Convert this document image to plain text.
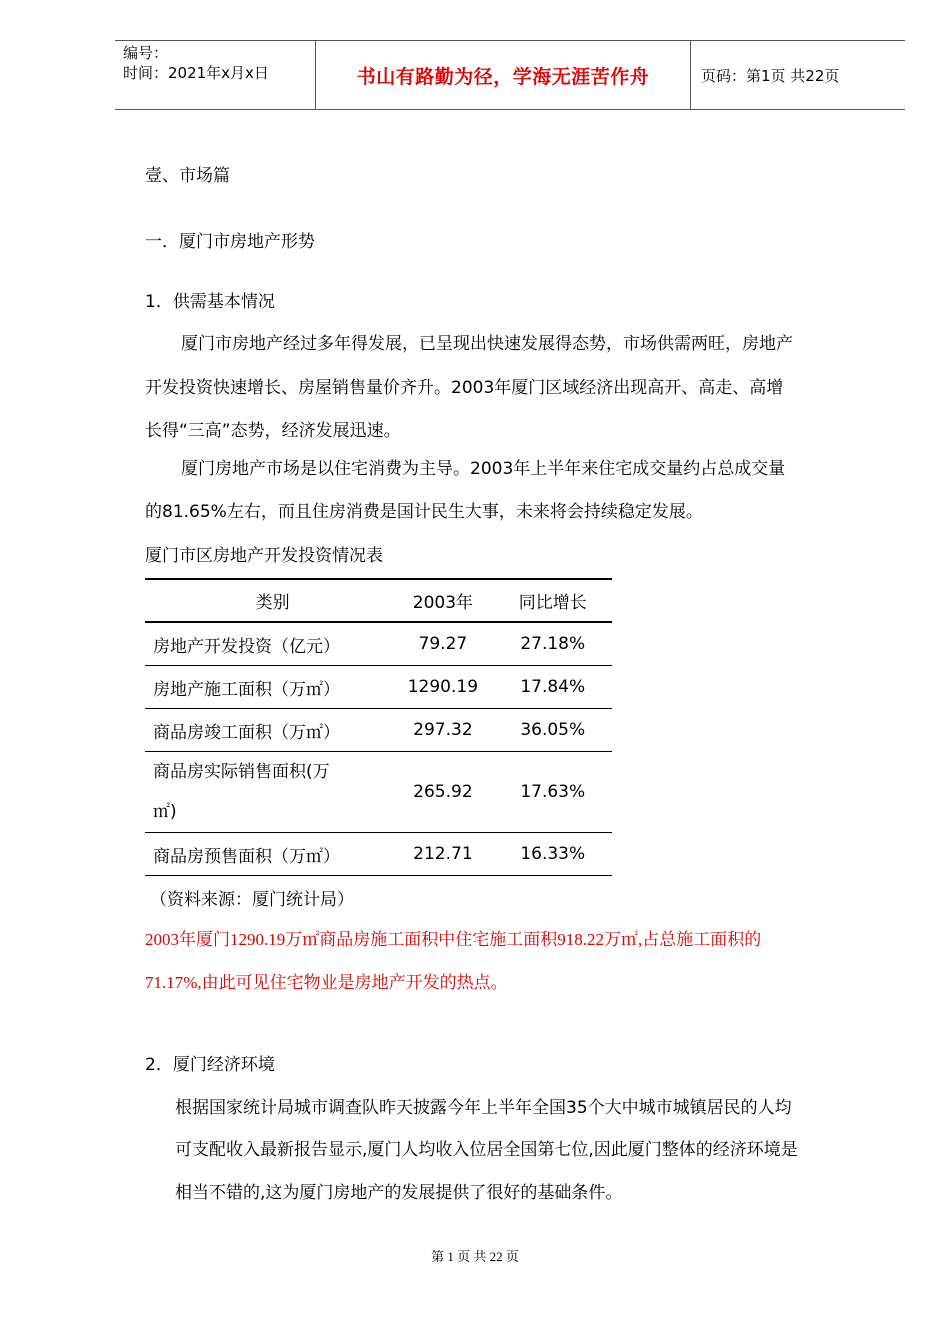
编号：
时间：2021年x月x日	书山有路勤为径，学海无涯苦作舟	页码：第1页 共22页
壹、市场篇
一．厦门市房地产形势
1．供需基本情况
厦门市房地产经过多年得发展，已呈现出快速发展得态势，市场供需两旺，房地产
开发投资快速增长、房屋销售量价齐升。2003年厦门区域经济出现高开、高走、高增
长得“三高”态势，经济发展迅速。
厦门房地产市场是以住宅消费为主导。2003年上半年来住宅成交量约占总成交量
的81.65%左右，而且住房消费是国计民生大事，未来将会持续稳定发展。
厦门市区房地产开发投资情况表
类别	2003年	同比增长
房地产开发投资（亿元）	79.27	27.18%
房地产施工面积（万㎡）	1290.19	17.84%
商品房竣工面积（万㎡）	297.32	36.05%

商品房实际销售面积(万
㎡)	265.92	17.63%
商品房预售面积（万㎡）	212.71	16.33%
（资料来源：厦门统计局）
2003年厦门1290.19万㎡商品房施工面积中住宅施工面积918.22万㎡,占总施工面积的
71.17%,由此可见住宅物业是房地产开发的热点。
2．厦门经济环境
根据国家统计局城市调查队昨天披露今年上半年全国35个大中城市城镇居民的人均
可支配收入最新报告显示,厦门人均收入位居全国第七位,因此厦门整体的经济环境是
相当不错的,这为厦门房地产的发展提供了很好的基础条件。
第 1 页 共 22 页
